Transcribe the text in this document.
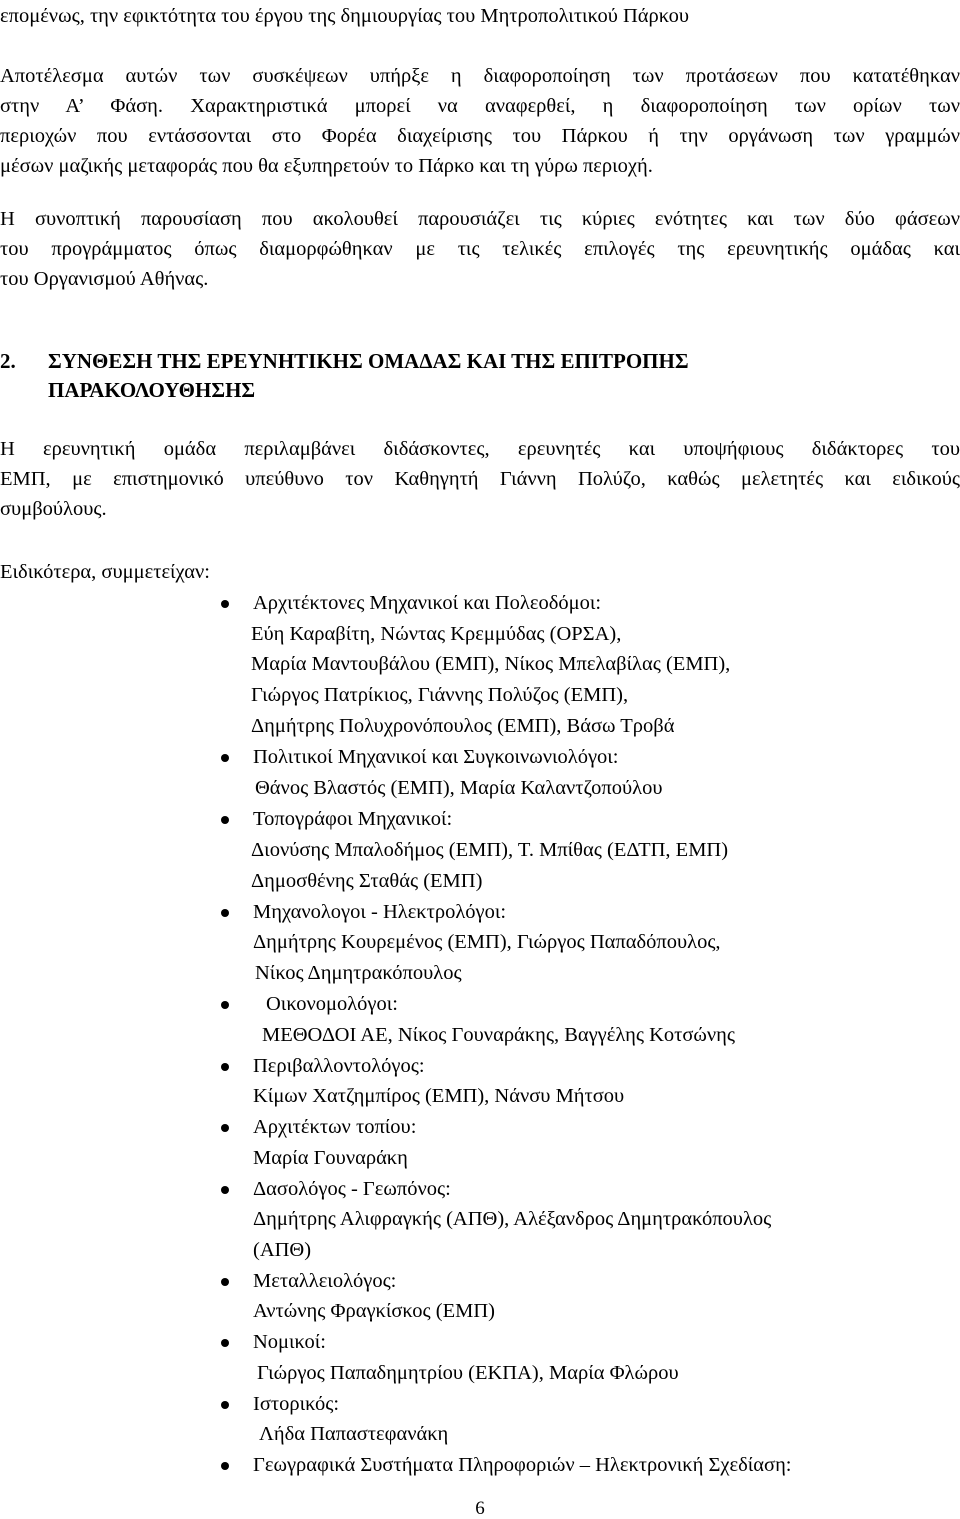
επομένως, την εφικτότητα του έργου της δημιουργίας του Μητροπολιτικού Πάρκου
Αποτέλεσμα αυτών των συσκέψεων υπήρξε η διαφοροποίηση των προτάσεων που κατατέθηκαν
στην Α’ Φάση. Χαρακτηριστικά μπορεί να αναφερθεί, η διαφοροποίηση των ορίων των
περιοχών που εντάσσονται στο Φορέα διαχείρισης του Πάρκου ή την οργάνωση των γραμμών
μέσων μαζικής μεταφοράς που θα εξυπηρετούν το Πάρκο και τη γύρω περιοχή.
Η συνοπτική παρουσίαση που ακολουθεί παρουσιάζει τις κύριες ενότητες και των δύο φάσεων
του προγράμματος όπως διαμορφώθηκαν με τις τελικές επιλογές της ερευνητικής ομάδας και
του Οργανισμού Αθήνας.
2. ΣΥΝΘΕΣΗ ΤΗΣ ΕΡΕΥΝΗΤΙΚΗΣ ΟΜΑΔΑΣ ΚΑΙ ΤΗΣ ΕΠΙΤΡΟΠΗΣ
ΠΑΡΑΚΟΛΟΥΘΗΣΗΣ
Η ερευνητική ομάδα περιλαμβάνει διδάσκοντες, ερευνητές και υποψήφιους διδάκτορες του
ΕΜΠ, με επιστημονικό υπεύθυνο τον Καθηγητή Γιάννη Πολύζο, καθώς μελετητές και ειδικούς
συμβούλους.
Ειδικότερα, συμμετείχαν:
Αρχιτέκτονες Μηχανικοί και Πολεοδόμοι:
Εύη Καραβίτη, Νώντας Κρεμμύδας (ΟΡΣΑ),
Μαρία Μαντουβάλου (ΕΜΠ), Νίκος Μπελαβίλας (ΕΜΠ),
Γιώργος Πατρίκιος, Γιάννης Πολύζος (ΕΜΠ),
Δημήτρης Πολυχρονόπουλος (ΕΜΠ), Βάσω Τροβά
Πολιτικοί Μηχανικοί και Συγκοινωνιολόγοι:
Θάνος Βλαστός (ΕΜΠ), Μαρία Καλαντζοπούλου
Τοπογράφοι Μηχανικοί:
Διονύσης Μπαλοδήμος (ΕΜΠ), Τ. Μπίθας (ΕΔΤΠ, ΕΜΠ)
Δημοσθένης Σταθάς (ΕΜΠ)
Μηχανολογοι - Ηλεκτρολόγοι:
Δημήτρης Κουρεμένος (ΕΜΠ), Γιώργος Παπαδόπουλος,
Νίκος Δημητρακόπουλος
Οικονομολόγοι:
ΜΕΘΟΔΟΙ ΑΕ, Νίκος Γουναράκης, Βαγγέλης Κοτσώνης
Περιβαλλοντολόγος:
Κίμων Χατζημπίρος (ΕΜΠ), Νάνσυ Μήτσου
Αρχιτέκτων τοπίου:
Μαρία Γουναράκη
Δασολόγος - Γεωπόνος:
Δημήτρης Αλιφραγκής (ΑΠΘ), Αλέξανδρος Δημητρακόπουλος
(ΑΠΘ)
Μεταλλειολόγος:
Αντώνης Φραγκίσκος (ΕΜΠ)
Νομικοί:
Γιώργος Παπαδημητρίου (ΕΚΠΑ), Μαρία Φλώρου
Ιστορικός:
Λήδα Παπαστεφανάκη
Γεωγραφικά Συστήματα Πληροφοριών – Ηλεκτρονική Σχεδίαση:
6
